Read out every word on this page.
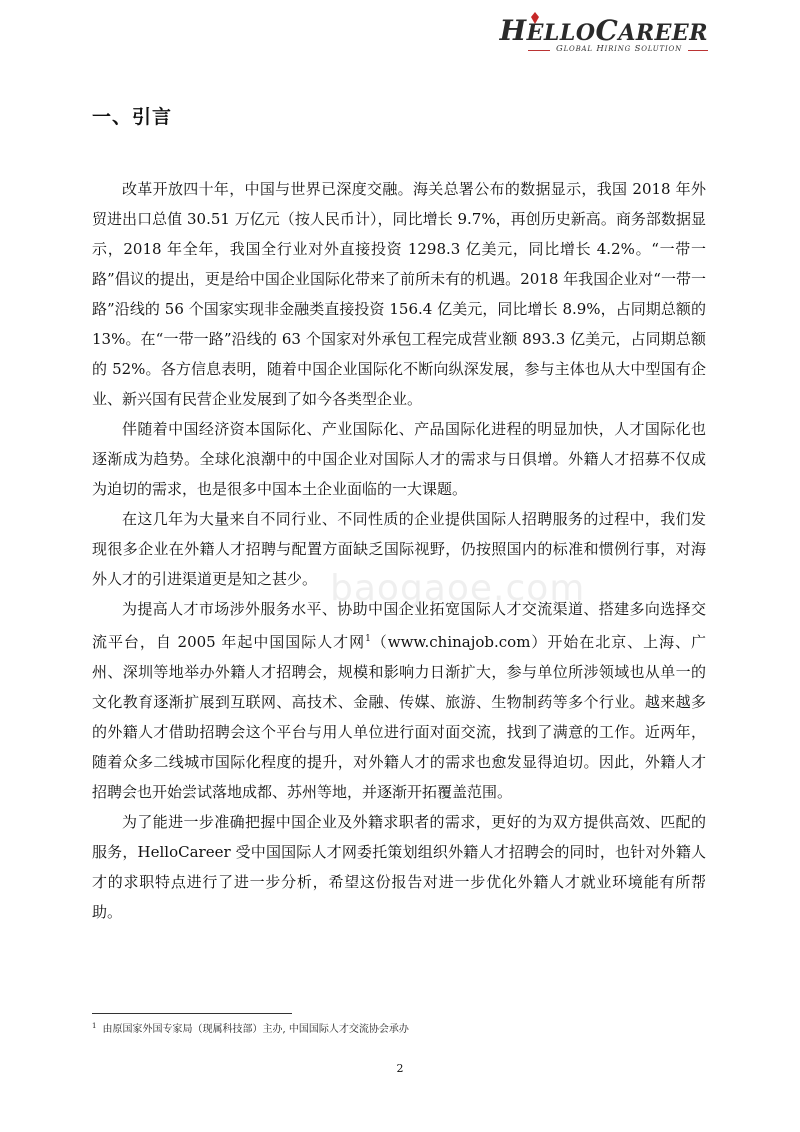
HELLOCAREER
GLOBAL HIRING SOLUTION
一、引言

改革开放四十年，中国与世界已深度交融。海关总署公布的数据显示，我国 2018 年外贸进出口总值 30.51 万亿元（按人民币计），同比增长 9.7%，再创历史新高。商务部数据显示，2018 年全年，我国全行业对外直接投资 1298.3 亿美元，同比增长 4.2%。“一带一路”倡议的提出，更是给中国企业国际化带来了前所未有的机遇。2018 年我国企业对“一带一路”沿线的 56 个国家实现非金融类直接投资 156.4 亿美元，同比增长 8.9%，占同期总额的 13%。在“一带一路”沿线的 63 个国家对外承包工程完成营业额 893.3 亿美元，占同期总额的 52%。各方信息表明，随着中国企业国际化不断向纵深发展，参与主体也从大中型国有企业、新兴国有民营企业发展到了如今各类型企业。

伴随着中国经济资本国际化、产业国际化、产品国际化进程的明显加快，人才国际化也逐渐成为趋势。全球化浪潮中的中国企业对国际人才的需求与日俱增。外籍人才招募不仅成为迫切的需求，也是很多中国本土企业面临的一大课题。

在这几年为大量来自不同行业、不同性质的企业提供国际人招聘服务的过程中，我们发现很多企业在外籍人才招聘与配置方面缺乏国际视野，仍按照国内的标准和惯例行事，对海外人才的引进渠道更是知之甚少。

为提高人才市场涉外服务水平、协助中国企业拓宽国际人才交流渠道、搭建多向选择交流平台，自 2005 年起中国国际人才网$^1$（www.chinajob.com）开始在北京、上海、广州、深圳等地举办外籍人才招聘会，规模和影响力日渐扩大，参与单位所涉领域也从单一的文化教育逐渐扩展到互联网、高技术、金融、传媒、旅游、生物制药等多个行业。越来越多的外籍人才借助招聘会这个平台与用人单位进行面对面交流，找到了满意的工作。近两年，随着众多二线城市国际化程度的提升，对外籍人才的需求也愈发显得迫切。因此，外籍人才招聘会也开始尝试落地成都、苏州等地，并逐渐开拓覆盖范围。

为了能进一步准确把握中国企业及外籍求职者的需求，更好的为双方提供高效、匹配的服务，HelloCareer 受中国国际人才网委托策划组织外籍人才招聘会的同时，也针对外籍人才的求职特点进行了进一步分析，希望这份报告对进一步优化外籍人才就业环境能有所帮助。

baogaoe.com
$^1$ 由原国家外国专家局（现属科技部）主办, 中国国际人才交流协会承办
2
